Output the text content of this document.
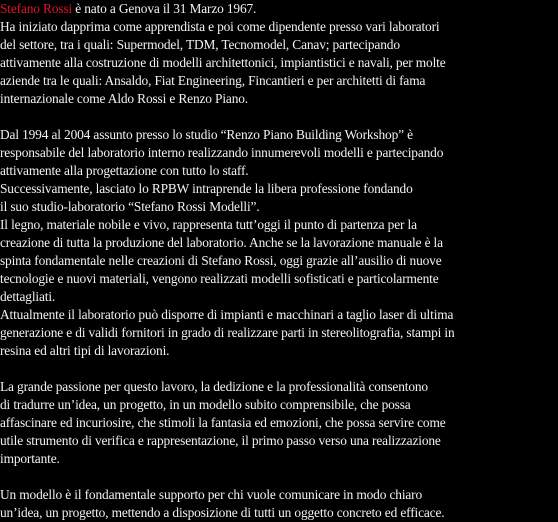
Stefano Rossi è nato a Genova il 31 Marzo 1967.
Ha iniziato dapprima come apprendista e poi come dipendente presso vari laboratori
del settore, tra i quali: Supermodel, TDM, Tecnomodel, Canav; partecipando
attivamente alla costruzione di modelli architettonici, impiantistici e navali, per molte
aziende tra le quali: Ansaldo, Fiat Engineering, Fincantieri e per architetti di fama
internazionale come Aldo Rossi e Renzo Piano.
Dal 1994 al 2004 assunto presso lo studio “Renzo Piano Building Workshop” è
responsabile del laboratorio interno realizzando innumerevoli modelli e partecipando
attivamente alla progettazione con tutto lo staff.
Successivamente, lasciato lo RPBW intraprende la libera professione fondando
il suo studio-laboratorio “Stefano Rossi Modelli”.
Il legno, materiale nobile e vivo, rappresenta tutt’oggi il punto di partenza per la
creazione di tutta la produzione del laboratorio. Anche se la lavorazione manuale è la
spinta fondamentale nelle creazioni di Stefano Rossi, oggi grazie all’ausilio di nuove
tecnologie e nuovi materiali, vengono realizzati modelli sofisticati e particolarmente
dettagliati.
Attualmente il laboratorio può disporre di impianti e macchinari a taglio laser di ultima
generazione e di validi fornitori in grado di realizzare parti in stereolitografia, stampi in
resina ed altri tipi di lavorazioni.
La grande passione per questo lavoro, la dedizione e la professionalità consentono
di tradurre un’idea, un progetto, in un modello subito comprensibile, che possa
affascinare ed incuriosire, che stimoli la fantasia ed emozioni, che possa servire come
utile strumento di verifica e rappresentazione, il primo passo verso una realizzazione
importante.
Un modello è il fondamentale supporto per chi vuole comunicare in modo chiaro
un’idea, un progetto, mettendo a disposizione di tutti un oggetto concreto ed efficace.
